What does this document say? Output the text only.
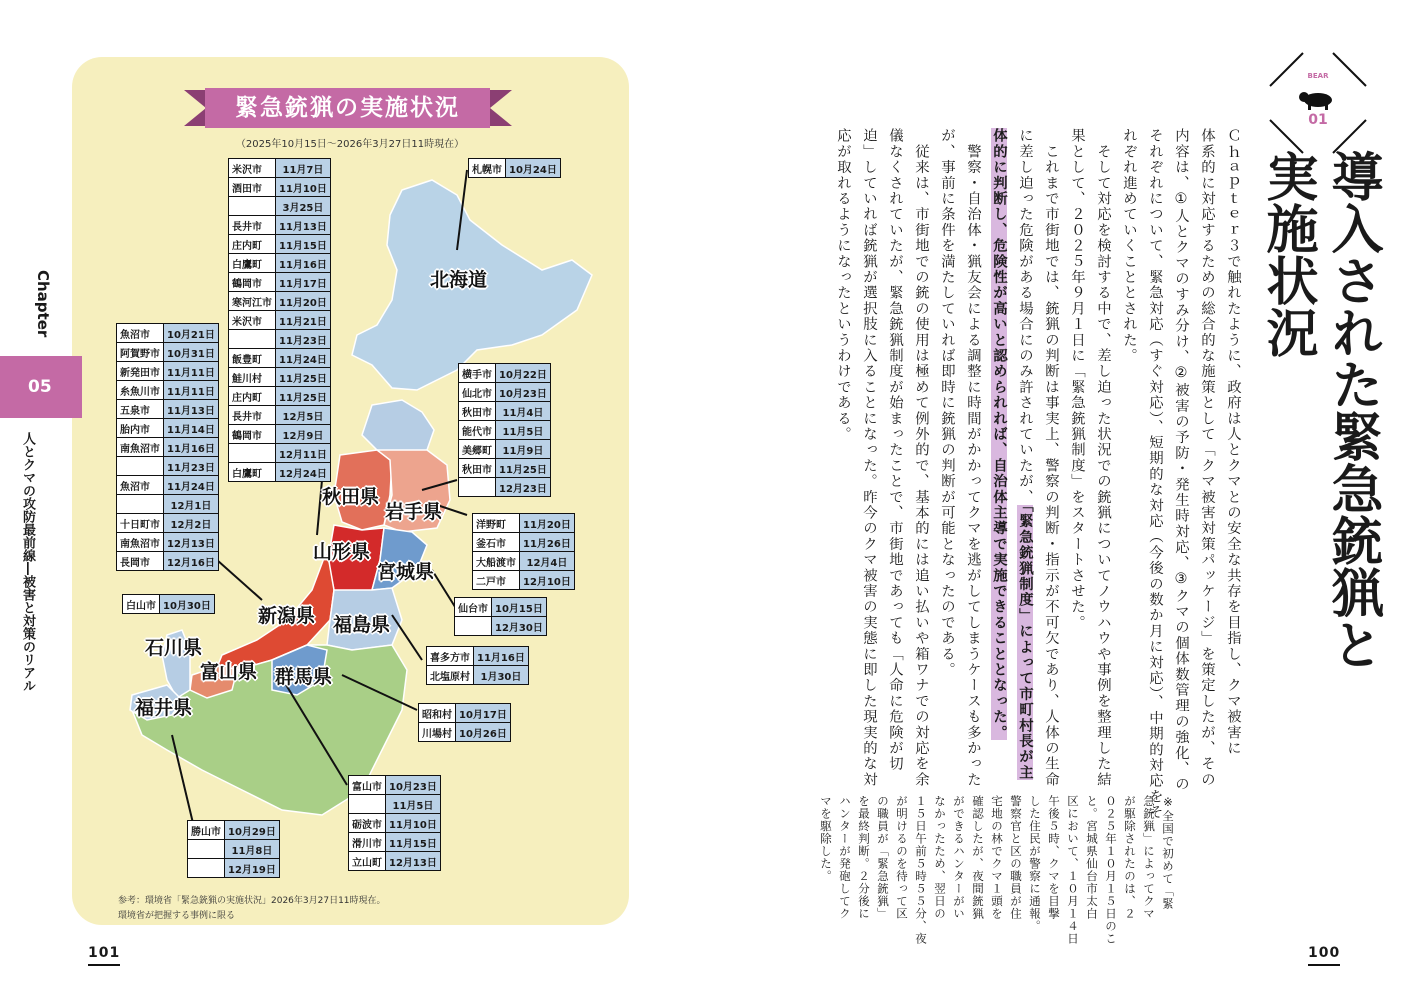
緊急銃猟の実施状況
（2025年10月15日～2026年3月27日11時現在）
北海道
秋田県
岩手県
山形県
宮城県
新潟県 福島県
石川県
富山県 群馬県
福井県
札幌市	10月24日
米沢市	11月7日
酒田市	11月10日
	3月25日
長井市	11月13日
庄内町	11月15日
白鷹町	11月16日
鶴岡市	11月17日
寒河江市	11月20日
米沢市	11月21日
	11月23日
飯豊町	11月24日
鮭川村	11月25日
庄内町	11月25日
長井市	12月5日
鶴岡市	12月9日
	12月11日
白鷹町	12月24日
魚沼市	10月21日
阿賀野市	10月31日
新発田市	11月11日
糸魚川市	11月11日
五泉市	11月13日
胎内市	11月14日
南魚沼市	11月16日
	11月23日
魚沼市	11月24日
	12月1日
十日町市	12月2日
南魚沼市	12月13日
長岡市	12月16日
横手市	10月22日
仙北市	10月23日
秋田市	11月4日
能代市	11月5日
美郷町	11月9日
秋田市	11月25日
	12月23日
洋野町	11月20日
釜石市	11月26日
大船渡市	12月4日
二戸市	12月10日
仙台市	10月15日
	12月30日
白山市	10月30日
喜多方市	11月16日
北塩原村	1月30日
昭和村	10月17日
川場村	10月26日
富山市	10月23日
	11月5日
砺波市	11月10日
滑川市	11月15日
立山町	12月13日
勝山市	10月29日
	11月8日
	12月19日
参考：環境省「緊急銃猟の実施状況」2026年3月27日11時現在。
環境省が把握する事例に限る
101
Chapter
05
人とクマの攻防最前線―被害と対策のリアル
BEAR
01
導入された緊急銃猟と
実施状況
Ｃｈａｐｔｅｒ３で触れたように、政府は人とクマとの安全な共存を目指し、クマ被害に
体系的に対応するための総合的な施策として「クマ被害対策パッケージ」を策定したが、その
内容は、①人とクマのすみ分け、②被害の予防・発生時対応、③クマの個体数管理の強化、の
それぞれについて、緊急対応（すぐ対応）、短期的な対応（今後の数か月に対応）、中期的対応をそ
れぞれ進めていくこととされた。
　そして対応を検討する中で、差し迫った状況での銃猟についてノウハウや事例を整理した結
果として、２０２５年９月１日に「緊急銃猟制度」をスタートさせた。
　これまで市街地では、銃猟の判断は事実上、警察の判断・指示が不可欠であり、人体の生命
に差し迫った危険がある場合にのみ許されていたが、「緊急銃猟制度」によって市町村長が主
体的に判断し、危険性が高いと認められれば、自治体主導で実施できることとなった。
　警察・自治体・猟友会による調整に時間がかかってクマを逃がしてしまうケースも多かった
が、事前に条件を満たしていれば即時に銃猟の判断が可能となったのである。
　従来は、市街地での銃の使用は極めて例外的で、基本的には追い払いや箱ワナでの対応を余
儀なくされていたが、緊急銃猟制度が始まったことで、市街地であっても「人命に危険が切
迫」していれば銃猟が選択肢に入ることになった。昨今のクマ被害の実態に即した現実的な対
応が取れるようになったというわけである。
※全国で初めて「緊
急銃猟」によってクマ
が駆除されたのは、２
０２５年１０月１５日のこ
と。宮城県仙台市太白
区において、１０月１４日
午後５時、クマを目撃
した住民が警察に通報。
警察官と区の職員が住
宅地の林でクマ１頭を
確認したが、夜間銃猟
ができるハンターがい
なかったため、翌日の
１５日午前５時５５分、夜
が明けるのを待って区
の職員が「緊急銃猟」
を最終判断。２分後に
ハンターが発砲してク
マを駆除した。
100
